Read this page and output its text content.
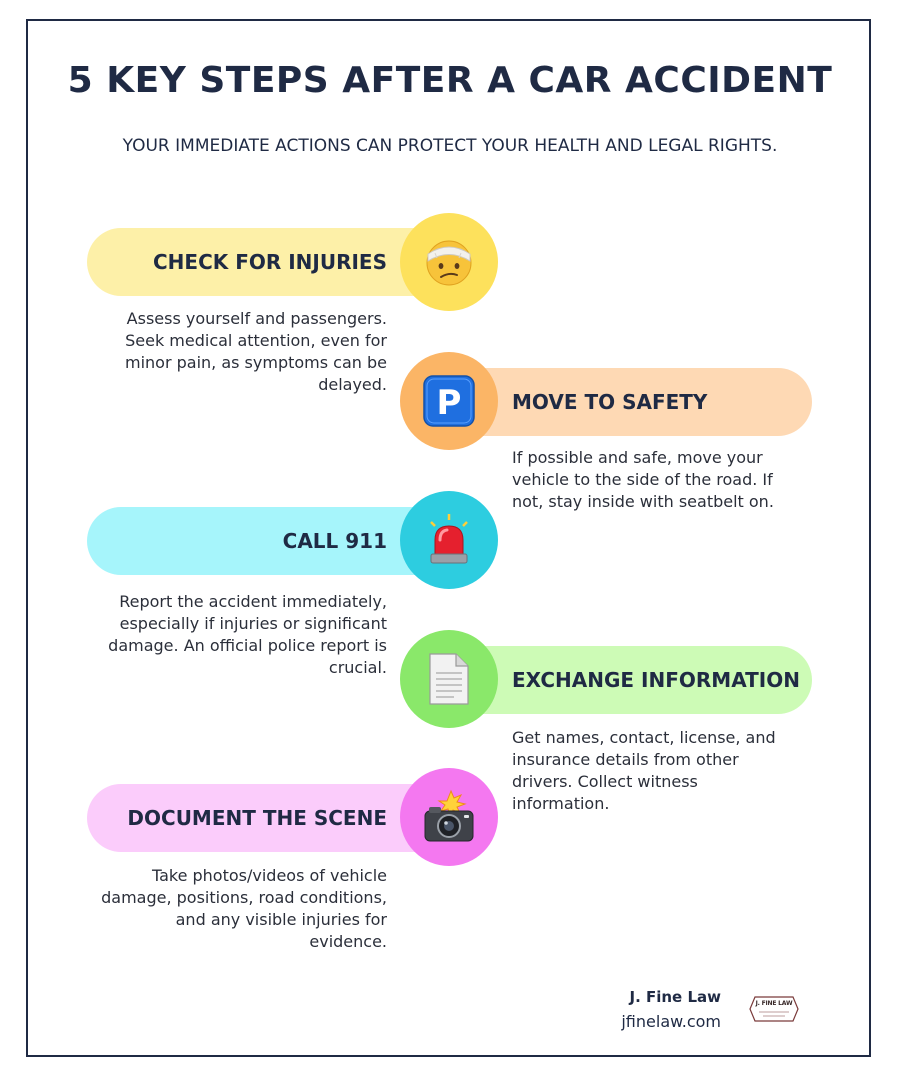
5 KEY STEPS AFTER A CAR ACCIDENT
YOUR IMMEDIATE ACTIONS CAN PROTECT YOUR HEALTH AND LEGAL RIGHTS.
CHECK FOR INJURIES
Assess yourself and passengers. Seek medical attention, even for minor pain, as symptoms can be delayed.
MOVE TO SAFETY
P
If possible and safe, move your vehicle to the side of the road. If not, stay inside with seatbelt on.
CALL 911
Report the accident immediately, especially if injuries or significant damage. An official police report is crucial.
EXCHANGE INFORMATION
Get names, contact, license, and insurance details from other drivers. Collect witness information.
DOCUMENT THE SCENE
Take photos/videos of vehicle damage, positions, road conditions, and any visible injuries for evidence.
J. Fine Law
jfinelaw.com
J. FINE LAW
